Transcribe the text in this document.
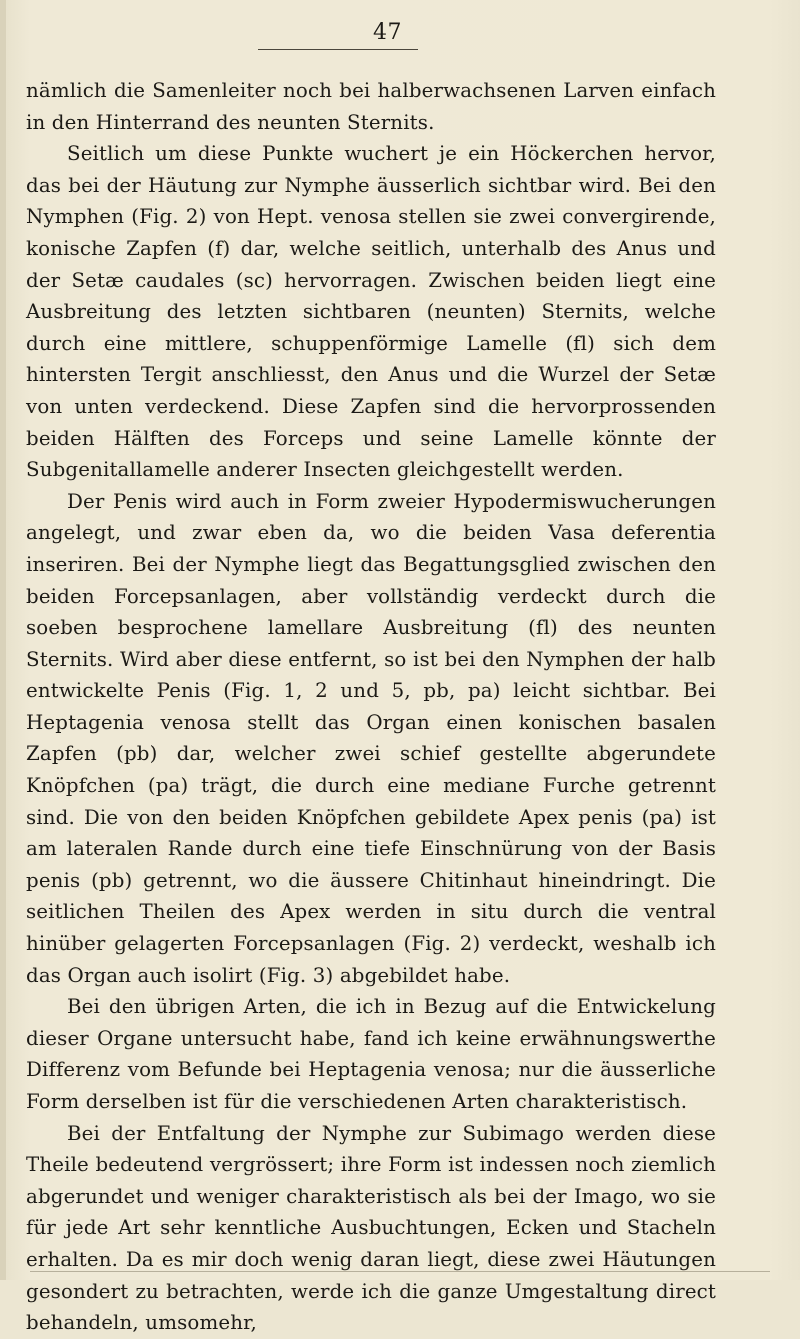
47

nämlich die Samenleiter noch bei halberwachsenen Larven einfach in den Hinterrand des neunten Sternits.

Seitlich um diese Punkte wuchert je ein Höckerchen hervor, das bei der Häutung zur Nymphe äusserlich sichtbar wird. Bei den Nymphen (Fig. 2) von Hept. venosa stellen sie zwei convergirende, konische Zapfen (f) dar, welche seitlich, unterhalb des Anus und der Setæ caudales (sc) hervorragen. Zwischen beiden liegt eine Ausbreitung des letzten sichtbaren (neunten) Sternits, welche durch eine mittlere, schuppenförmige Lamelle (fl) sich dem hintersten Tergit anschliesst, den Anus und die Wurzel der Setæ von unten verdeckend. Diese Zapfen sind die hervorprossenden beiden Hälften des Forceps und seine Lamelle könnte der Subgenitallamelle anderer Insecten gleichgestellt werden.

Der Penis wird auch in Form zweier Hypodermiswucherungen angelegt, und zwar eben da, wo die beiden Vasa deferentia inseriren. Bei der Nymphe liegt das Begattungsglied zwischen den beiden Forcepsanlagen, aber vollständig verdeckt durch die soeben besprochene lamellare Ausbreitung (fl) des neunten Sternits. Wird aber diese entfernt, so ist bei den Nymphen der halb entwickelte Penis (Fig. 1, 2 und 5, pb, pa) leicht sichtbar. Bei Heptagenia venosa stellt das Organ einen konischen basalen Zapfen (pb) dar, welcher zwei schief gestellte abgerundete Knöpfchen (pa) trägt, die durch eine mediane Furche getrennt sind. Die von den beiden Knöpfchen gebildete Apex penis (pa) ist am lateralen Rande durch eine tiefe Einschnürung von der Basis penis (pb) getrennt, wo die äussere Chitinhaut hineindringt. Die seitlichen Theilen des Apex werden in situ durch die ventral hinüber gelagerten Forcepsanlagen (Fig. 2) verdeckt, weshalb ich das Organ auch isolirt (Fig. 3) abgebildet habe.

Bei den übrigen Arten, die ich in Bezug auf die Entwickelung dieser Organe untersucht habe, fand ich keine erwähnungswerthe Differenz vom Befunde bei Heptagenia venosa; nur die äusserliche Form derselben ist für die verschiedenen Arten charakteristisch.

Bei der Entfaltung der Nymphe zur Subimago werden diese Theile bedeutend vergrössert; ihre Form ist indessen noch ziemlich abgerundet und weniger charakteristisch als bei der Imago, wo sie für jede Art sehr kenntliche Ausbuchtungen, Ecken und Stacheln erhalten. Da es mir doch wenig daran liegt, diese zwei Häutungen gesondert zu betrachten, werde ich die ganze Umgestaltung direct behandeln, umsomehr,
